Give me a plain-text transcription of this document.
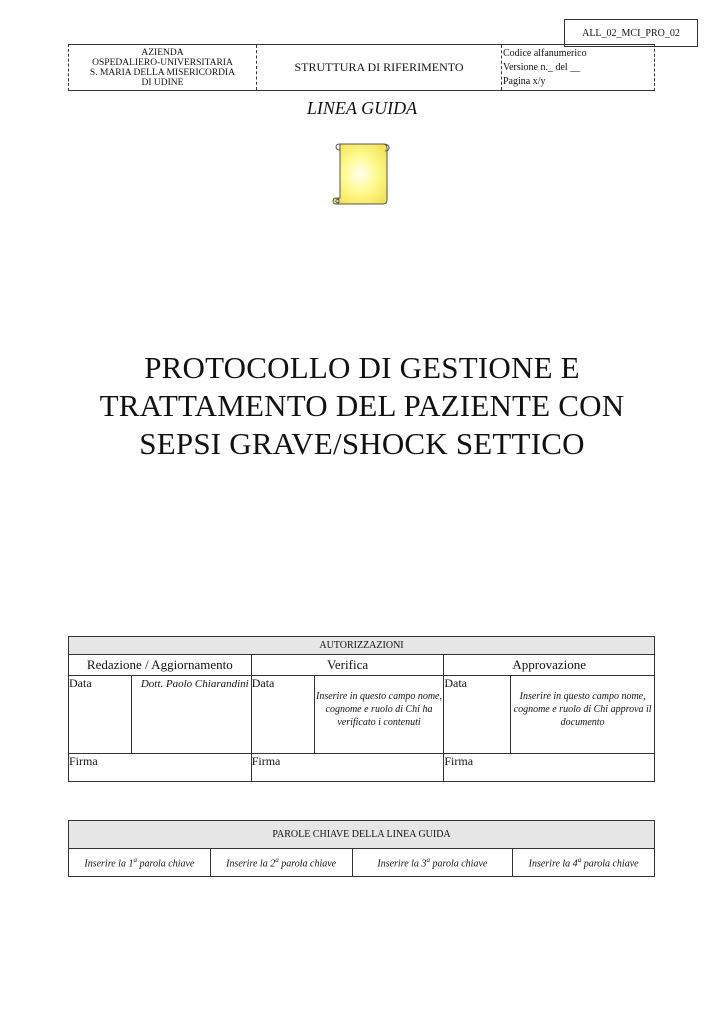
ALL_02_MCI_PRO_02
AZIENDA
OSPEDALIERO-UNIVERSITARIA
S. MARIA DELLA MISERICORDIA
DI UDINE
STRUTTURA DI RIFERIMENTO
Codice alfanumerico
Versione n._ del __
Pagina x/y
LINEA GUIDA
PROTOCOLLO DI GESTIONE E
TRATTAMENTO DEL PAZIENTE CON
SEPSI GRAVE/SHOCK SETTICO
AUTORIZZAZIONI					
Redazione / Aggiornamento		Verifica		Approvazione	
Data	Dott. Paolo Chiarandini	Data	Inserire in questo campo nome, cognome e ruolo di Chi ha verificato i contenuti	Data	Inserire in questo campo nome, cognome e ruolo di Chi approva il documento
Firma		Firma		Firma	
PAROLE CHIAVE DELLA LINEA GUIDA
Inserire la 1$^a$ parola chiave	Inserire la 2$^a$ parola chiave	Inserire la 3$^a$ parola chiave	Inserire la 4$^a$ parola chiave
